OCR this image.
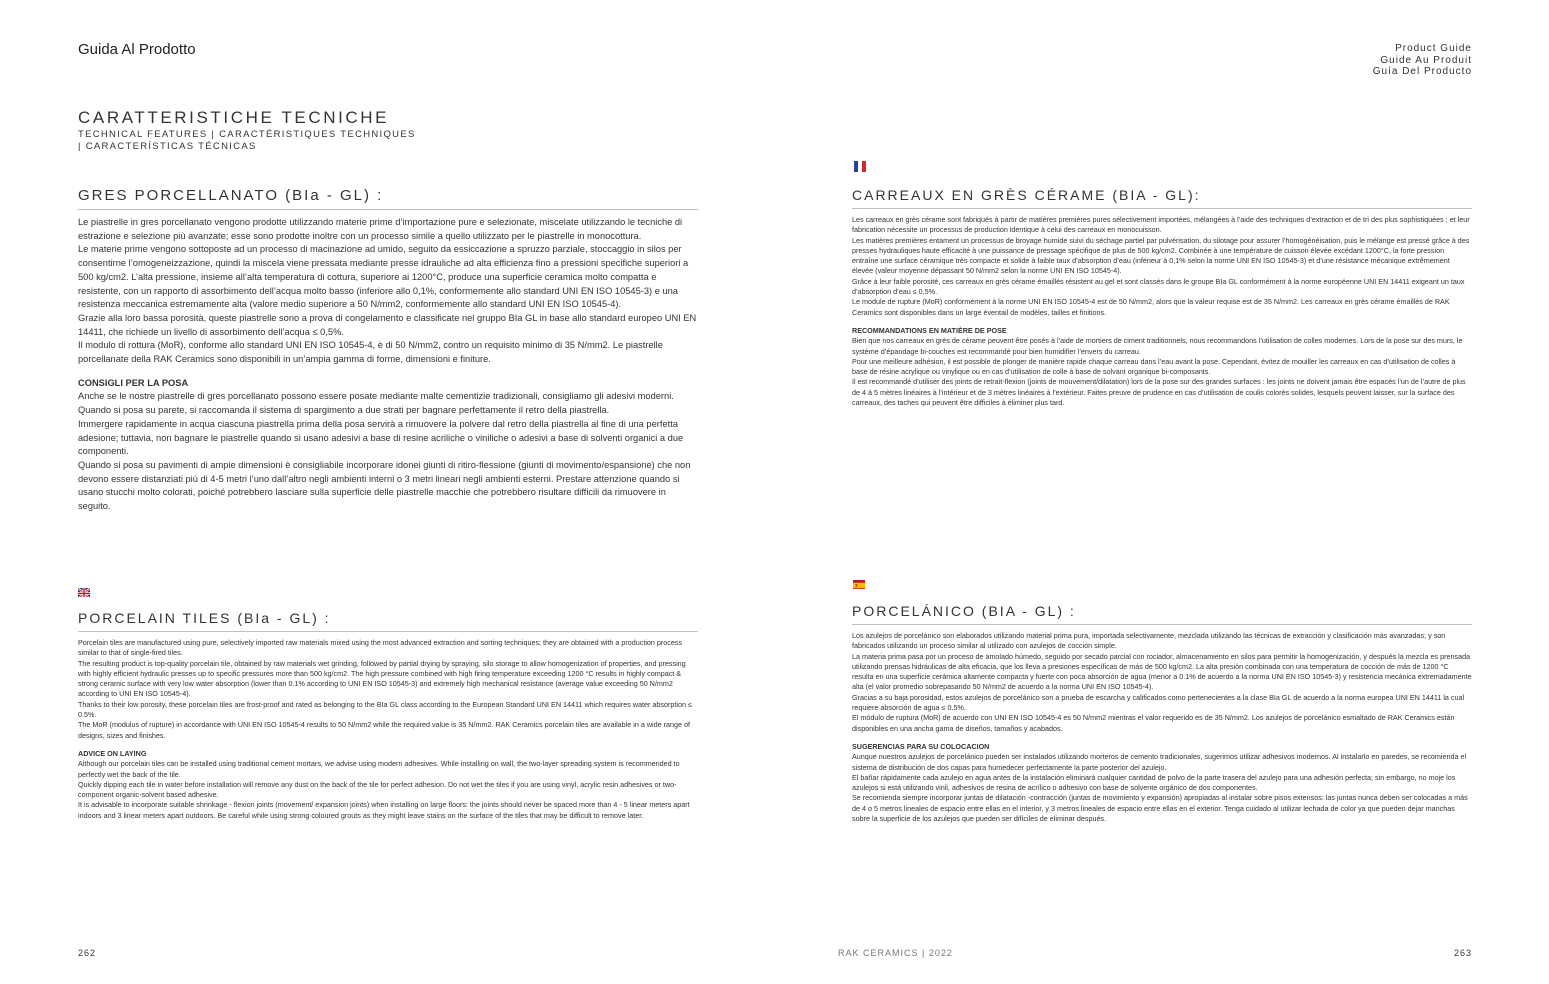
Guida Al Prodotto	Product Guide
Guide Au Produit
Guía Del Producto
CARATTERISTICHE TECNICHE
TECHNICAL FEATURES | CARACTÉRISTIQUES TECHNIQUES | CARACTERÍSTICAS TÉCNICAS
GRES PORCELLANATO (BIa - GL) :

Le piastrelle in gres porcellanato vengono prodotte utilizzando materie prime d’importazione pure e selezionate, miscelate utilizzando le tecniche di estrazione e selezione più avanzate; esse sono prodotte inoltre con un processo simile a quello utilizzato per le piastrelle in monocottura.

Le materie prime vengono sottoposte ad un processo di macinazione ad umido, seguito da essiccazione a spruzzo parziale, stoccaggio in silos per consentirne l’omogeneizzazione, quindi la miscela viene pressata mediante presse idrauliche ad alta efficienza fino a pressioni specifiche superiori a 500 kg/cm2. L’alta pressione, insieme all’alta temperatura di cottura, superiore ai 1200°C, produce una superficie ceramica molto compatta e resistente, con un rapporto di assorbimento dell’acqua molto basso (inferiore allo 0,1%, conformemente allo standard UNI EN ISO 10545-3) e una resistenza meccanica estremamente alta (valore medio superiore a 50 N/mm2, conformemente allo standard UNI EN ISO 10545-4).

Grazie alla loro bassa porosità, queste piastrelle sono a prova di congelamento e classificate nel gruppo BIa GL in base allo standard europeo UNI EN 14411, che richiede un livello di assorbimento dell’acqua ≤ 0,5%.

Il modulo di rottura (MoR), conforme allo standard UNI EN ISO 10545-4, è di 50 N/mm2, contro un requisito minimo di 35 N/mm2. Le piastrelle porcellanate della RAK Ceramics sono disponibili in un’ampia gamma di forme, dimensioni e finiture.

CONSIGLI PER LA POSA

Anche se le nostre piastrelle di gres porcellanato possono essere posate mediante malte cementizie tradizionali, consigliamo gli adesivi moderni. Quando si posa su parete, si raccomanda il sistema di spargimento a due strati per bagnare perfettamente il retro della piastrella.

Immergere rapidamente in acqua ciascuna piastrella prima della posa servirà a rimuovere la polvere dal retro della piastrella al fine di una perfetta adesione; tuttavia, non bagnare le piastrelle quando si usano adesivi a base di resine acriliche o viniliche o adesivi a base di solventi organici a due componenti.

Quando si posa su pavimenti di ampie dimensioni è consigliabile incorporare idonei giunti di ritiro-flessione (giunti di movimento/espansione) che non devono essere distanziati più di 4-5 metri l’uno dall’altro negli ambienti interni o 3 metri lineari negli ambienti esterni. Prestare attenzione quando si usano stucchi molto colorati, poiché potrebbero lasciare sulla superficie delle piastrelle macchie che potrebbero risultare difficili da rimuovere in seguito.

PORCELAIN TILES (BIa - GL) :

Porcelain tiles are manufactured using pure, selectively imported raw materials mixed using the most advanced extraction and sorting techniques; they are obtained with a production process similar to that of single-fired tiles.

The resulting product is top-quality porcelain tile, obtained by raw materials wet grinding, followed by partial drying by spraying, silo storage to allow homogenization of properties, and pressing with highly efficient hydraulic presses up to specific pressures more than 500 kg/cm2. The high pressure combined with high firing temperature exceeding 1200 °C results in highly compact & strong ceramic surface with very low water absorption (lower than 0.1% according to UNI EN ISO 10545-3) and extremely high mechanical resistance (average value exceeding 50 N/mm2 according to UNI EN ISO 10545-4).

Thanks to their low porosity, these porcelain tiles are frost-proof and rated as belonging to the BIa GL class according to the European Standard UNI EN 14411 which requires water absorption ≤ 0.5%.

The MoR (modulus of rupture) in accordance with UNI EN ISO 10545-4 results to 50 N/mm2 while the required value is 35 N/mm2. RAK Ceramics porcelain tiles are available in a wide range of designs, sizes and finishes.

ADVICE ON LAYING

Although our porcelain tiles can be installed using traditional cement mortars, we advise using modern adhesives. While installing on wall, the two-layer spreading system is recommended to perfectly wet the back of the tile.

Quickly dipping each tile in water before installation will remove any dust on the back of the tile for perfect adhesion. Do not wet the tiles if you are using vinyl, acrylic resin adhesives or two-component organic-solvent based adhesive.

It is advisable to incorporate suitable shrinkage - flexion joints (movement/ expansion joints) when installing on large floors: the joints should never be spaced more than 4 - 5 linear meters apart indoors and 3 linear meters apart outdoors. Be careful while using strong coloured grouts as they might leave stains on the surface of the tiles that may be difficult to remove later.

CARREAUX EN GRÈS CÉRAME (BIA - GL):

Les carreaux en grès cérame sont fabriqués à partir de matières premières pures sélectivement importées, mélangées à l’aide des techniques d’extraction et de tri des plus sophistiquées ; et leur fabrication nécessite un processus de production identique à celui des carreaux en monocuisson.

Les matières premières entament un processus de broyage humide suivi du séchage partiel par pulvérisation, du silotage pour assurer l’homogénéisation, puis le mélange est pressé grâce à des presses hydrauliques haute efficacité à une puissance de pressage spécifique de plus de 500 kg/cm2. Combinée à une température de cuisson élevée excédant 1200°C, la forte pression entraîne une surface céramique très compacte et solide à faible taux d’absorption d’eau (inférieur à 0,1% selon la norme UNI EN ISO 10545-3) et d’une résistance mécanique extrêmement élevée (valeur moyenne dépassant 50 N/mm2 selon la norme UNI EN ISO 10545-4).

Grâce à leur faible porosité, ces carreaux en grès cérame émaillés résistent au gel et sont classés dans le groupe BIa GL conformément à la norme européenne UNI EN 14411 exigeant un taux d’absorption d’eau ≤ 0,5%.

Le module de rupture (MoR) conformément à la norme UNI EN ISO 10545-4 est de 50 N/mm2, alors que la valeur requise est de 35 N/mm2. Les carreaux en grès cérame émaillés de RAK Ceramics sont disponibles dans un large éventail de modèles, tailles et finitions.

RECOMMANDATIONS EN MATIÈRE DE POSE

Bien que nos carreaux en grès de cérame peuvent être posés à l’aide de mortiers de ciment traditionnels, nous recommandons l’utilisation de colles modernes. Lors de la pose sur des murs, le système d’épandage bi-couches est recommandé pour bien humidifier l’envers du carreau.

Pour une meilleure adhésion, il est possible de plonger de manière rapide chaque carreau dans l’eau avant la pose. Cependant, évitez de mouiller les carreaux en cas d’utilisation de colles à base de résine acrylique ou vinylique ou en cas d’utilisation de colle à base de solvant organique bi-composants.

Il est recommandé d’utiliser des joints de retrait-flexion (joints de mouvement/dilatation) lors de la pose sur des grandes surfaces : les joints ne doivent jamais être espacés l’un de l’autre de plus de 4 à 5 mètres linéaires à l’intérieur et de 3 mètres linéaires à l’extérieur. Faites preuve de prudence en cas d’utilisation de coulis colorés solides, lesquels peuvent laisser, sur la surface des carreaux, des taches qui peuvent être difficiles à éliminer plus tard.

PORCELÁNICO (BIA - GL) :

Los azulejos de porcelánico son elaborados utilizando material prima pura, importada selectivamente, mezclada utilizando las técnicas de extracción y clasificación más avanzadas; y son fabricados utilizando un proceso similar al utilizado con azulejos de cocción simple.

La materia prima pasa por un proceso de amolado húmedo, seguido por secado parcial con rociador, almacenamiento en silos para permitir la homogenización, y después la mezcla es prensada utilizando prensas hidráulicas de alta eficacia, que los lleva a presiones específicas de más de 500 kg/cm2. La alta presión combinada con una temperatura de cocción de más de 1200 °C resulta en una superficie cerámica altamente compacta y fuerte con poca absorción de agua (menor a 0.1% de acuerdo a la norma UNI EN ISO 10545-3) y resistencia mecánica extremadamente alta (el valor promedio sobrepasando 50 N/mm2 de acuerdo a la norma UNI EN ISO 10545-4).

Gracias a su baja porosidad, estos azulejos de porcelánico son a prueba de escarcha y calificados como pertenecientes a la clase BIa GL de acuerdo a la norma europea UNI EN 14411 la cual requiere absorción de agua ≤ 0.5%.

El módulo de ruptura (MoR) de acuerdo con UNI EN ISO 10545-4 es 50 N/mm2 mientras el valor requerido es de 35 N/mm2. Los azulejos de porcelánico esmaltado de RAK Ceramics están disponibles en una ancha gama de diseños, tamaños y acabados.

SUGERENCIAS PARA SU COLOCACION

Aunque nuestros azulejos de porcelánico pueden ser instalados utilizando morteros de cemento tradicionales, sugerimos utilizar adhesivos modernos. Al instalarlo en paredes, se recomienda el sistema de distribución de dos capas para humedecer perfectamente la parte posterior del azulejo.

El bañar rápidamente cada azulejo en agua antes de la instalación eliminará cualquier cantidad de polvo de la parte trasera del azulejo para una adhesión perfecta; sin embargo, no moje los azulejos si está utilizando vinil, adhesivos de resina de acrílico o adhesivo con base de solvente orgánico de dos componentes.

Se recomienda siempre incorporar juntas de dilatación -contracción (juntas de movimiento y expansión) apropiadas al instalar sobre pisos extensos: las juntas nunca deben ser colocadas a más de 4 o 5 metros lineales de espacio entre ellas en el interior, y 3 metros lineales de espacio entre ellas en el exterior. Tenga cuidado al utilizar lechada de color ya que pueden dejar manchas sobre la superficie de los azulejos que pueden ser difíciles de eliminar después.

262	RAK CERAMICS | 2022	263
